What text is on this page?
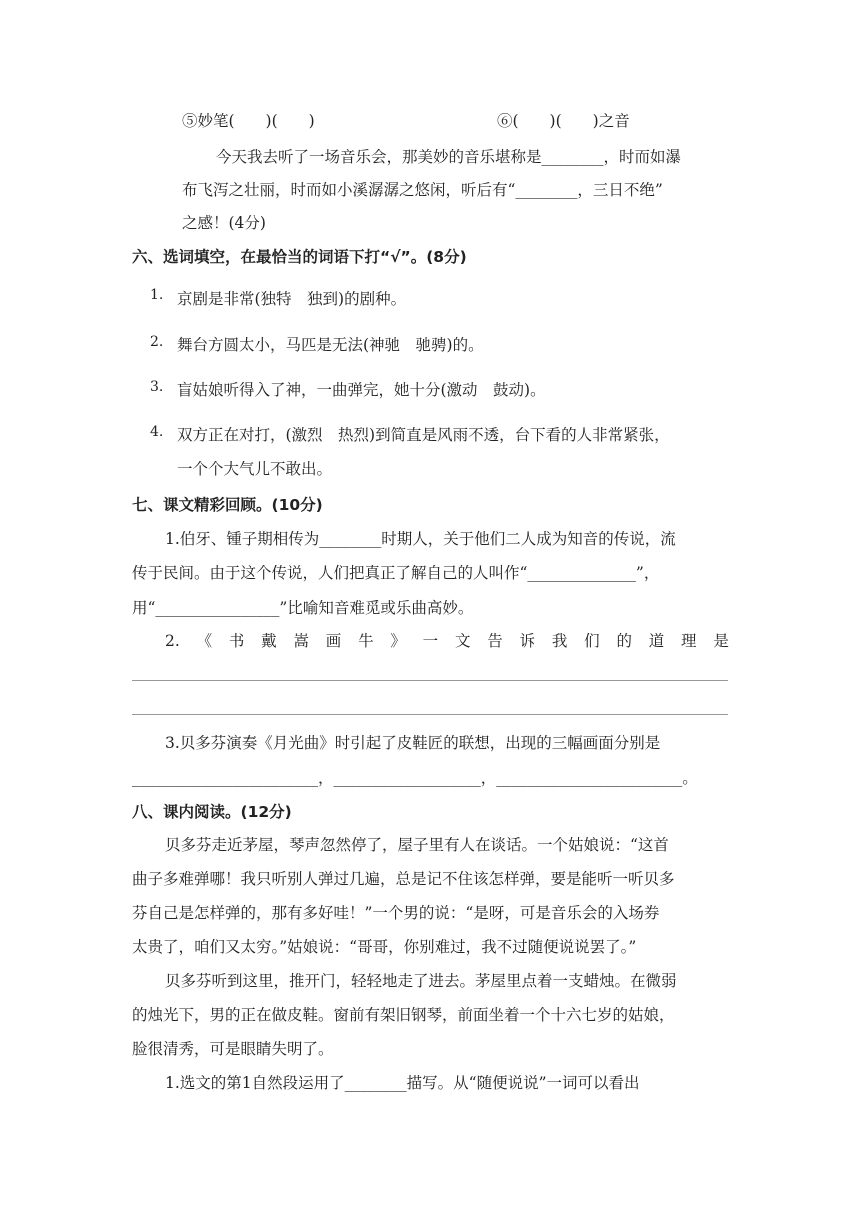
⑤妙笔(　　)(　　)	⑥(　　)(　　)之音
今天我去听了一场音乐会，那美妙的音乐堪称是________，时而如瀑
布飞泻之壮丽，时而如小溪潺潺之悠闲，听后有“________，三日不绝”
之感！(4分)
六、选词填空，在最恰当的词语下打“√”。(8分)
1. 京剧是非常(独特　独到)的剧种。
2. 舞台方圆太小，马匹是无法(神驰　驰骋)的。
3. 盲姑娘听得入了神，一曲弹完，她十分(激动　鼓动)。
4. 双方正在对打，(激烈　热烈)到简直是风雨不透，台下看的人非常紧张，
一个个大气儿不敢出。
七、课文精彩回顾。(10分)
1.伯牙、锺子期相传为________时期人，关于他们二人成为知音的传说，流
传于民间。由于这个传说，人们把真正了解自己的人叫作“______________”，
用“________________”比喻知音难觅或乐曲高妙。
2. 《 书 戴 嵩 画 牛 》 一 文 告 诉 我 们 的 道 理 是
3.贝多芬演奏《月光曲》时引起了皮鞋匠的联想，出现的三幅画面分别是
________________________，___________________，________________________。
八、课内阅读。(12分)
贝多芬走近茅屋，琴声忽然停了，屋子里有人在谈话。一个姑娘说：“这首
曲子多难弹哪！我只听别人弹过几遍，总是记不住该怎样弹，要是能听一听贝多
芬自己是怎样弹的，那有多好哇！”一个男的说：“是呀，可是音乐会的入场券
太贵了，咱们又太穷。”姑娘说：“哥哥，你别难过，我不过随便说说罢了。”
贝多芬听到这里，推开门，轻轻地走了进去。茅屋里点着一支蜡烛。在微弱
的烛光下，男的正在做皮鞋。窗前有架旧钢琴，前面坐着一个十六七岁的姑娘，
脸很清秀，可是眼睛失明了。
1.选文的第1自然段运用了________描写。从“随便说说”一词可以看出
